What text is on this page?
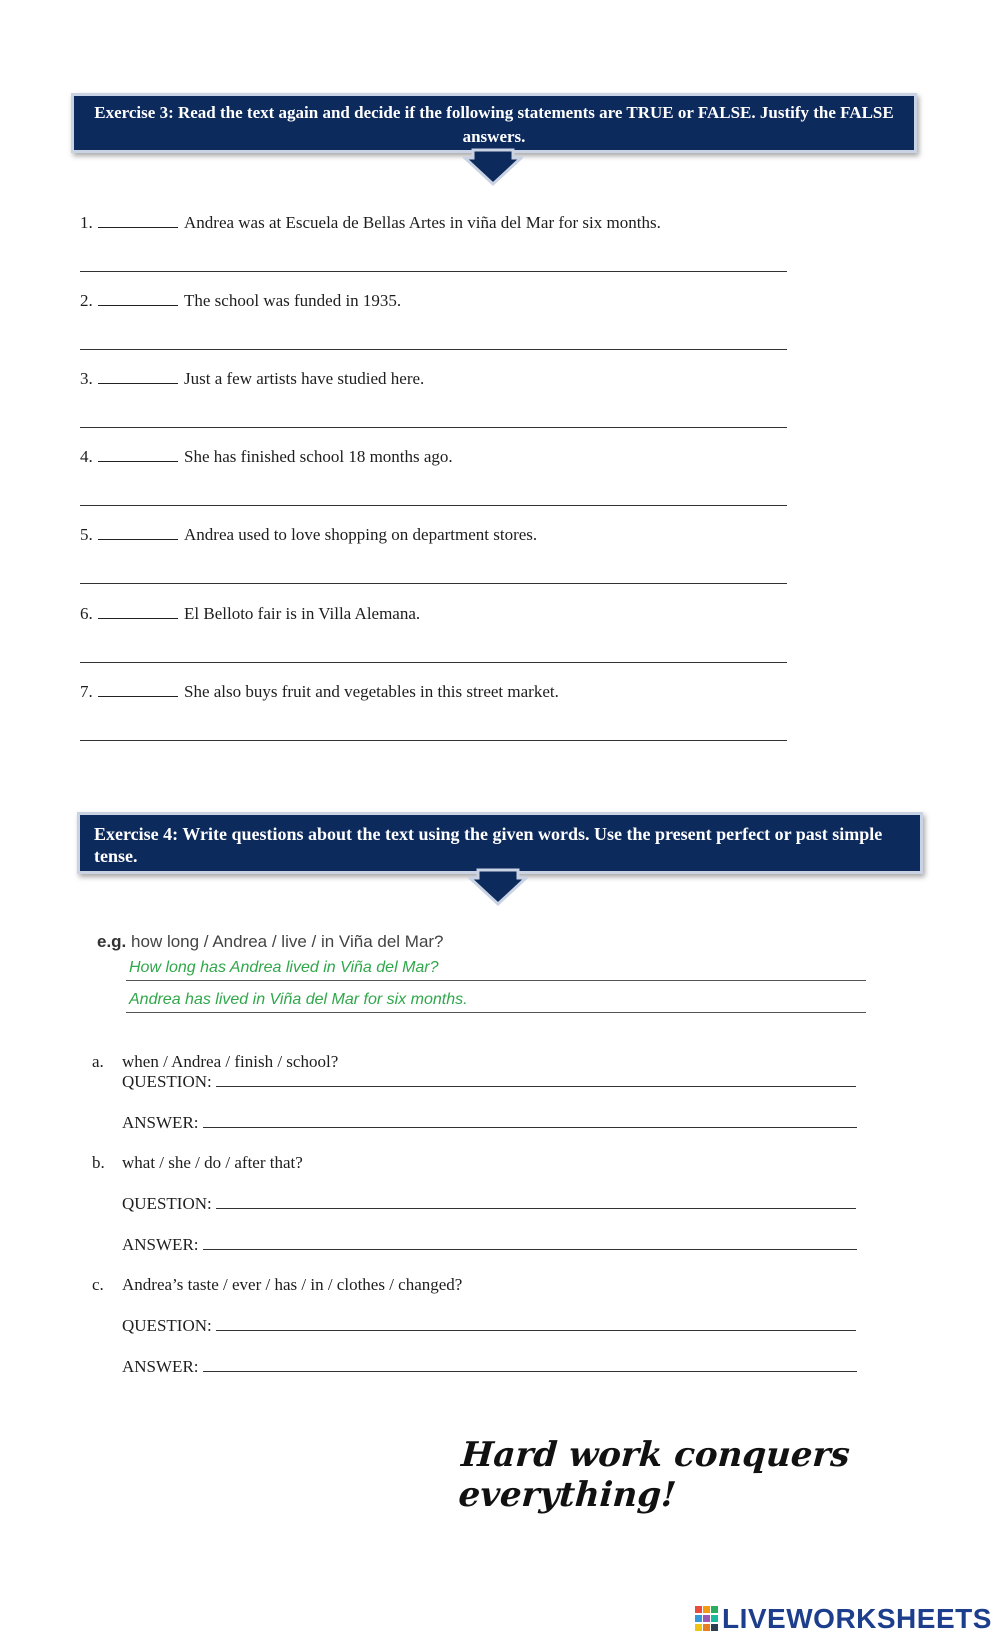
Exercise 3: Read the text again and decide if the following statements are TRUE or FALSE. Justify the FALSE answers.
1.	Andrea was at Escuela de Bellas Artes in viña del Mar for six months.
2.	The school was funded in 1935.
3.	Just a few artists have studied here.
4.	She has finished school 18 months ago.
5.	Andrea used to love shopping on department stores.
6.	El Belloto fair is in Villa Alemana.
7.	She also buys fruit and vegetables in this street market.
Exercise 4: Write questions about the text using the given words. Use the present perfect or past simple tense.
e.g. how long / Andrea / live / in Viña del Mar?
How long has Andrea lived in Viña del Mar?
Andrea has lived in Viña del Mar for six months.
a. when / Andrea / finish / school?
QUESTION:
ANSWER:
b. what / she / do / after that?
QUESTION:
ANSWER:
c. Andrea’s taste / ever / has / in / clothes / changed?
QUESTION:
ANSWER:
Hard work conquers everything!
LIVEWORKSHEETS
